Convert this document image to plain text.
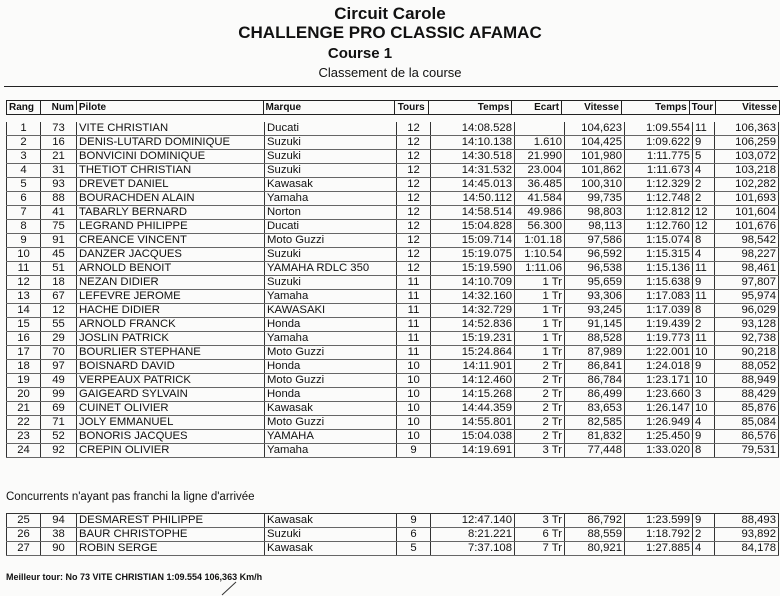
Circuit Carole
CHALLENGE PRO CLASSIC AFAMAC
Course 1
Classement de la course
Rang	Num	Pilote	Marque	Tours	Temps	Ecart	Vitesse	Temps	Tour	Vitesse
1	73	VITE CHRISTIAN	Ducati	12	14:08.528		104,623	1:09.554	11	106,363
2	16	DENIS-LUTARD DOMINIQUE	Suzuki	12	14:10.138	1.610	104,425	1:09.622	9	106,259
3	21	BONVICINI DOMINIQUE	Suzuki	12	14:30.518	21.990	101,980	1:11.775	5	103,072
4	31	THETIOT CHRISTIAN	Suzuki	12	14:31.532	23.004	101,862	1:11.673	4	103,218
5	93	DREVET DANIEL	Kawasak	12	14:45.013	36.485	100,310	1:12.329	2	102,282
6	88	BOURACHDEN ALAIN	Yamaha	12	14:50.112	41.584	99,735	1:12.748	2	101,693
7	41	TABARLY BERNARD	Norton	12	14:58.514	49.986	98,803	1:12.812	12	101,604
8	75	LEGRAND PHILIPPE	Ducati	12	15:04.828	56.300	98,113	1:12.760	12	101,676
9	91	CREANCE VINCENT	Moto Guzzi	12	15:09.714	1:01.18	97,586	1:15.074	8	98,542
10	45	DANZER JACQUES	Suzuki	12	15:19.075	1:10.54	96,592	1:15.315	4	98,227
11	51	ARNOLD BENOIT	YAMAHA RDLC 350	12	15:19.590	1:11.06	96,538	1:15.136	11	98,461
12	18	NEZAN DIDIER	Suzuki	11	14:10.709	1 Tr	95,659	1:15.638	9	97,807
13	67	LEFEVRE JEROME	Yamaha	11	14:32.160	1 Tr	93,306	1:17.083	11	95,974
14	12	HACHE DIDIER	KAWASAKI	11	14:32.729	1 Tr	93,245	1:17.039	8	96,029
15	55	ARNOLD FRANCK	Honda	11	14:52.836	1 Tr	91,145	1:19.439	2	93,128
16	29	JOSLIN PATRICK	Yamaha	11	15:19.231	1 Tr	88,528	1:19.773	11	92,738
17	70	BOURLIER STEPHANE	Moto Guzzi	11	15:24.864	1 Tr	87,989	1:22.001	10	90,218
18	97	BOISNARD DAVID	Honda	10	14:11.901	2 Tr	86,841	1:24.018	9	88,052
19	49	VERPEAUX PATRICK	Moto Guzzi	10	14:12.460	2 Tr	86,784	1:23.171	10	88,949
20	99	GAIGEARD SYLVAIN	Honda	10	14:15.268	2 Tr	86,499	1:23.660	3	88,429
21	69	CUINET OLIVIER	Kawasak	10	14:44.359	2 Tr	83,653	1:26.147	10	85,876
22	71	JOLY EMMANUEL	Moto Guzzi	10	14:55.801	2 Tr	82,585	1:26.949	4	85,084
23	52	BONORIS JACQUES	YAMAHA	10	15:04.038	2 Tr	81,832	1:25.450	9	86,576
24	92	CREPIN OLIVIER	Yamaha	9	14:19.691	3 Tr	77,448	1:33.020	8	79,531
Concurrents n'ayant pas franchi la ligne d'arrivée
25	94	DESMAREST PHILIPPE	Kawasak	9	12:47.140	3 Tr	86,792	1:23.599	9	88,493
26	38	BAUR CHRISTOPHE	Suzuki	6	8:21.221	6 Tr	88,559	1:18.792	2	93,892
27	90	ROBIN SERGE	Kawasak	5	7:37.108	7 Tr	80,921	1:27.885	4	84,178
Meilleur tour: No 73 VITE CHRISTIAN 1:09.554 106,363 Km/h
